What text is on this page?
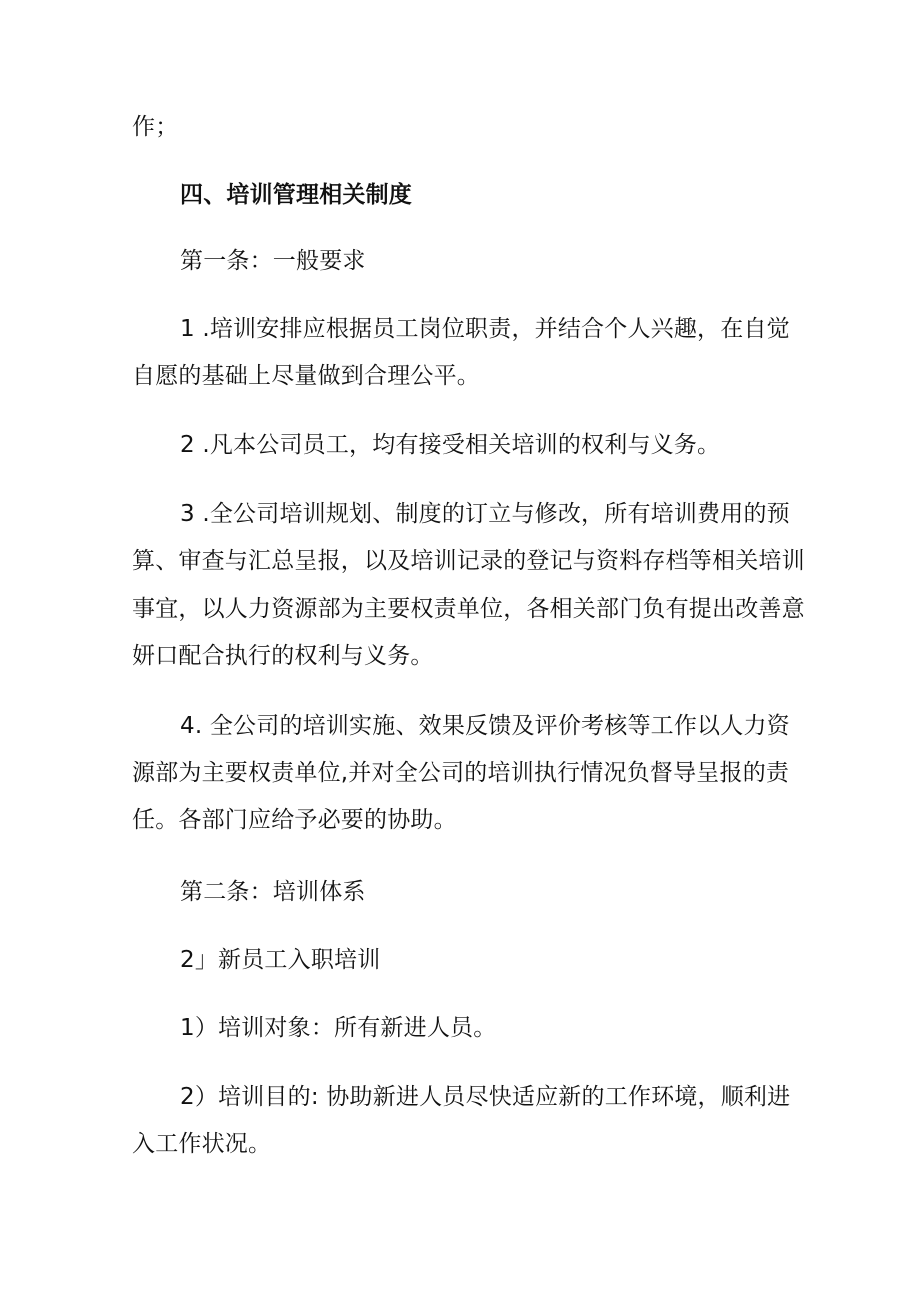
作；
四、培训管理相关制度
第一条：一般要求
1 .培训安排应根据员工岗位职责，并结合个人兴趣，在自觉
自愿的基础上尽量做到合理公平。
2 .凡本公司员工，均有接受相关培训的权利与义务。
3 .全公司培训规划、制度的订立与修改，所有培训费用的预
算、审查与汇总呈报，以及培训记录的登记与资料存档等相关培训
事宜，以人力资源部为主要权责单位，各相关部门负有提出改善意
妍口配合执行的权利与义务。
4. 全公司的培训实施、效果反馈及评价考核等工作以人力资
源部为主要权责单位,并对全公司的培训执行情况负督导呈报的责
任。各部门应给予必要的协助。
第二条：培训体系
2」新员工入职培训
1）培训对象：所有新进人员。
2）培训目的: 协助新进人员尽快适应新的工作环境，顺利进
入工作状况。
